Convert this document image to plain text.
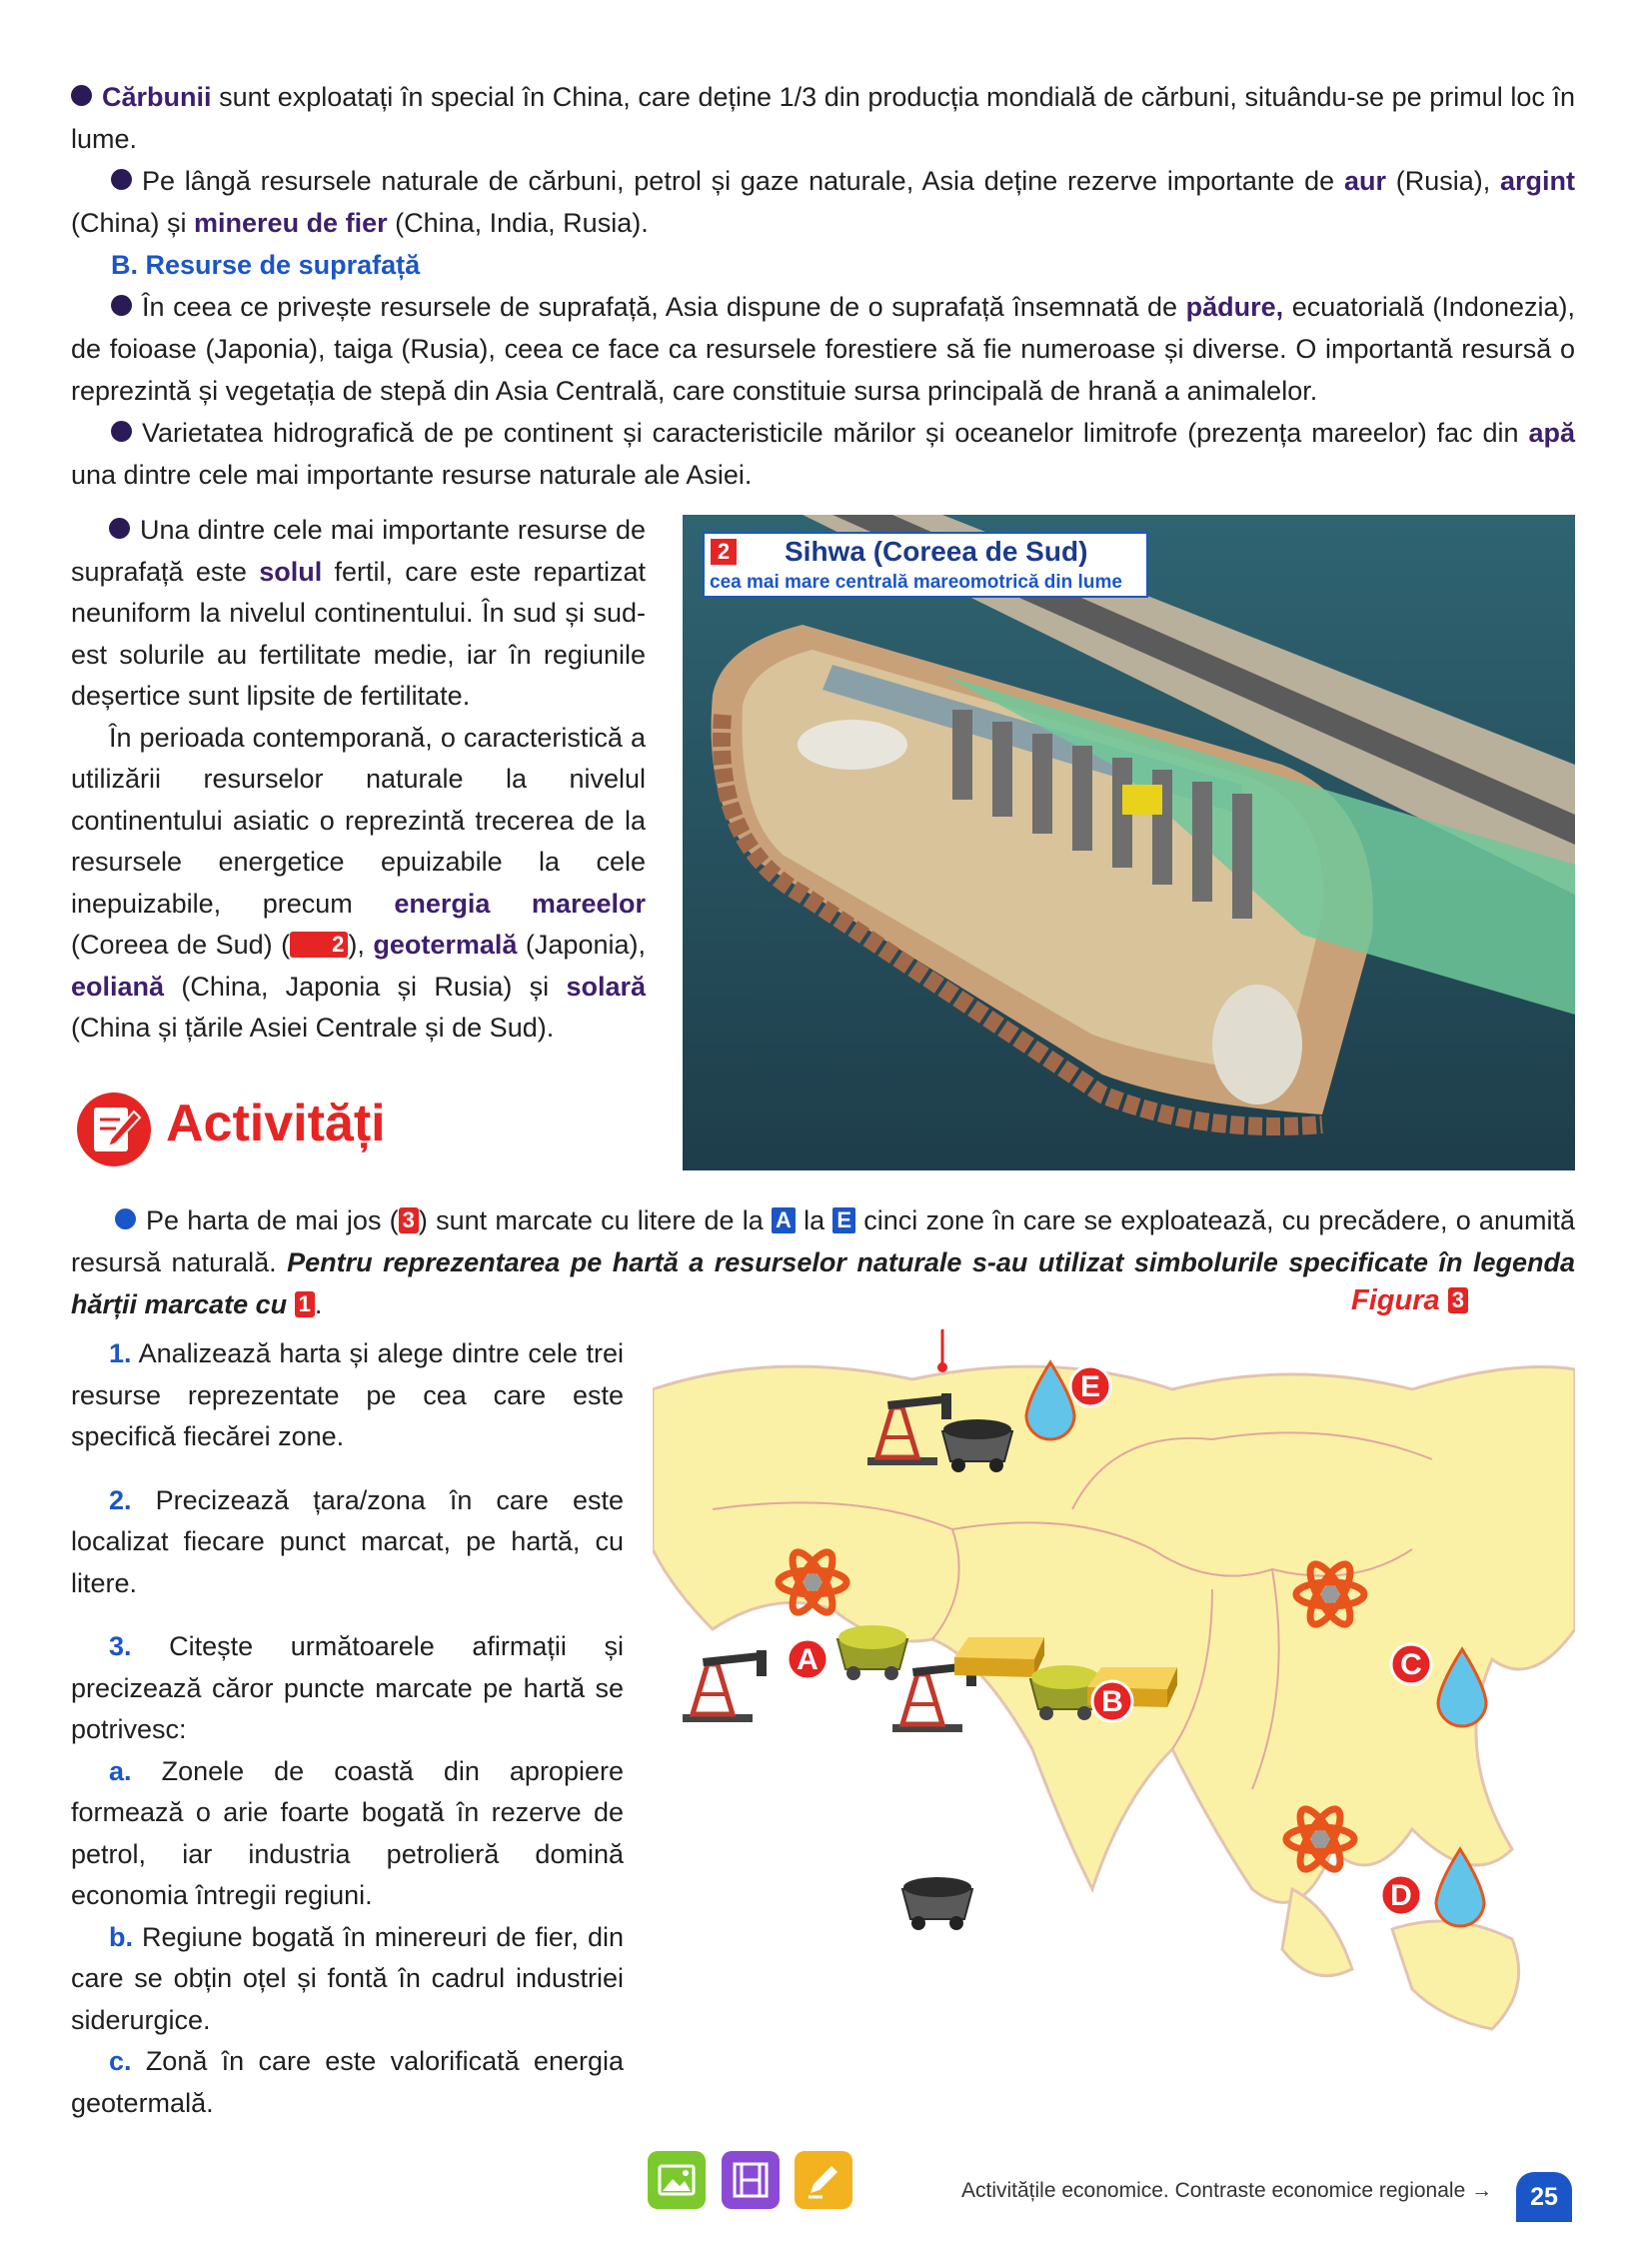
Cărbunii sunt exploatați în special în China, care deține 1/3 din producția mondială de cărbuni, situându-se pe primul loc în lume.

Pe lângă resursele naturale de cărbuni, petrol și gaze naturale, Asia deține rezerve importante de aur (Rusia), argint (China) și minereu de fier (China, India, Rusia).

B. Resurse de suprafață

În ceea ce privește resursele de suprafață, Asia dispune de o suprafață însemnată de pădure, ecuatorială (Indonezia), de foioase (Japonia), taiga (Rusia), ceea ce face ca resursele forestiere să fie numeroase și diverse. O importantă resursă o reprezintă și vegetația de stepă din Asia Centrală, care constituie sursa principală de hrană a animalelor.

Varietatea hidrografică de pe continent și caracteristicile mărilor și oceanelor limitrofe (prezența mareelor) fac din apă una dintre cele mai importante resurse naturale ale Asiei.

Una dintre cele mai importante resurse de suprafață este solul fertil, care este repartizat neuniform la nivelul continentului. În sud și sud-est solurile au fertilitate medie, iar în regiunile deșertice sunt lipsite de fertilitate.

În perioada contemporană, o caracteristică a utilizării resurselor naturale la nivelul continentului asiatic o reprezintă trecerea de la resursele energetice epuizabile la cele inepuizabile, precum energia mareelor (Coreea de Sud) ( 2 ), geotermală (Japonia), eoliană (China, Japonia și Rusia) și solară (China și țările Asiei Centrale și de Sud).

2 Sihwa (Coreea de Sud)
cea mai mare centrală mareomotrică din lume
Activități

Pe harta de mai jos ( 3 ) sunt marcate cu litere de la A la E cinci zone în care se exploatează, cu precădere, o anumită resursă naturală. Pentru reprezentarea pe hartă a resurselor naturale s-au utilizat simbolurile specificate în legenda hărții marcate cu 1 .

1. Analizează harta și alege dintre cele trei resurse reprezentate pe cea care este specifică fiecărei zone.

2. Precizează țara/zona în care este localizat fiecare punct marcat, pe hartă, cu litere.

3. Citește următoarele afirmații și precizează căror puncte marcate pe hartă se potrivesc:

a. Zonele de coastă din apropiere formează o arie foarte bogată în rezerve de petrol, iar industria petrolieră domină economia întregii regiuni.

b. Regiune bogată în minereuri de fier, din care se obțin oțel și fontă în cadrul industriei siderurgice.

c. Zonă în care este valorificată energia geotermală.

Figura 3
E
A
B
C
D
Activitățile economice. Contraste economice regionale →	25
